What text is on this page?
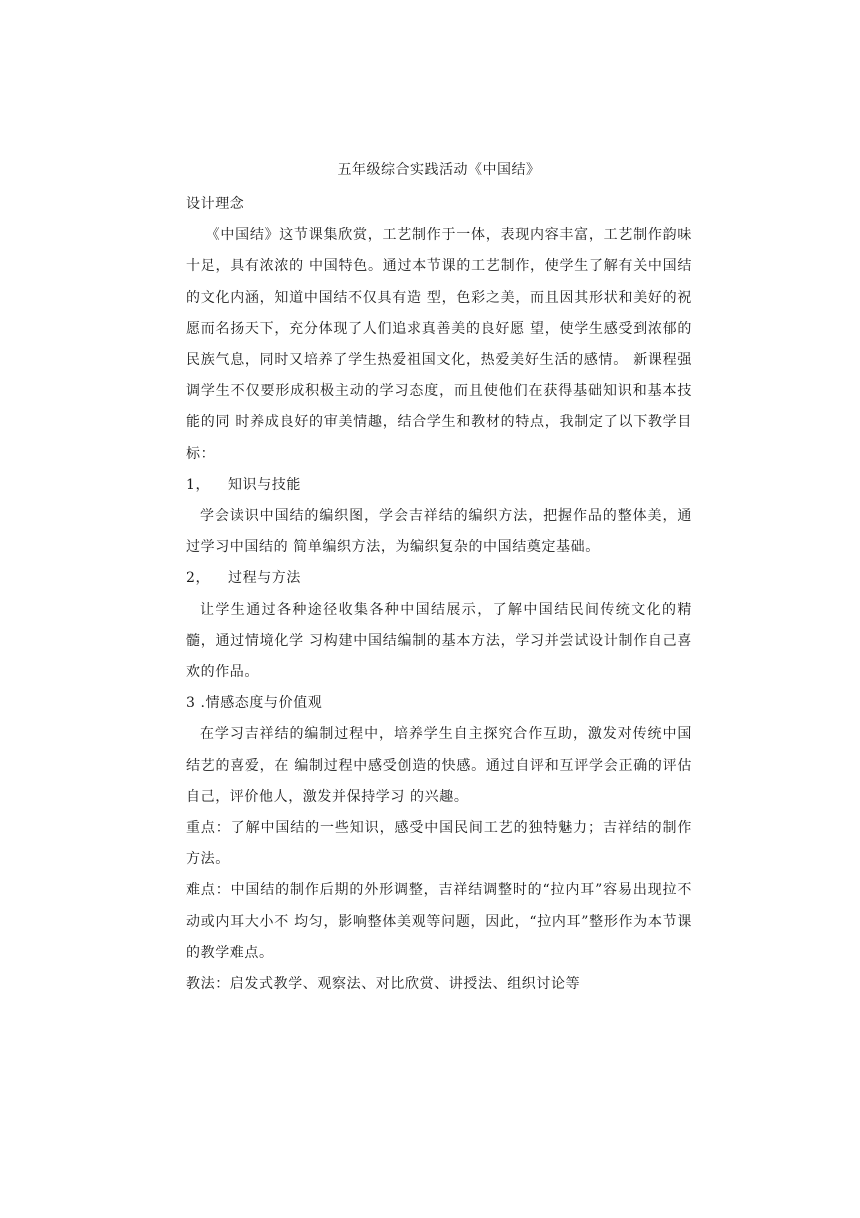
五年级综合实践活动《中国结》

设计理念

《中国结》这节课集欣赏，工艺制作于一体，表现内容丰富，工艺制作韵味十足，具有浓浓的 中国特色。通过本节课的工艺制作，使学生了解有关中国结的文化内涵，知道中国结不仅具有造 型，色彩之美，而且因其形状和美好的祝愿而名扬天下，充分体现了人们追求真善美的良好愿 望，使学生感受到浓郁的民族气息，同时又培养了学生热爱祖国文化，热爱美好生活的感情。 新课程强调学生不仅要形成积极主动的学习态度，而且使他们在获得基础知识和基本技能的同 时养成良好的审美情趣，结合学生和教材的特点，我制定了以下教学目标：

1， 知识与技能

学会读识中国结的编织图，学会吉祥结的编织方法，把握作品的整体美，通过学习中国结的 简单编织方法，为编织复杂的中国结奠定基础。

2， 过程与方法

让学生通过各种途径收集各种中国结展示，了解中国结民间传统文化的精髓，通过情境化学 习构建中国结编制的基本方法，学习并尝试设计制作自己喜欢的作品。

3 .情感态度与价值观

在学习吉祥结的编制过程中，培养学生自主探究合作互助，激发对传统中国结艺的喜爱，在 编制过程中感受创造的快感。通过自评和互评学会正确的评估自己，评价他人，激发并保持学习 的兴趣。

重点：了解中国结的一些知识，感受中国民间工艺的独特魅力；吉祥结的制作方法。

难点：中国结的制作后期的外形调整，吉祥结调整时的“拉内耳”容易出现拉不动或内耳大小不 均匀，影响整体美观等问题，因此，“拉内耳”整形作为本节课的教学难点。

教法：启发式教学、观察法、对比欣赏、讲授法、组织讨论等
